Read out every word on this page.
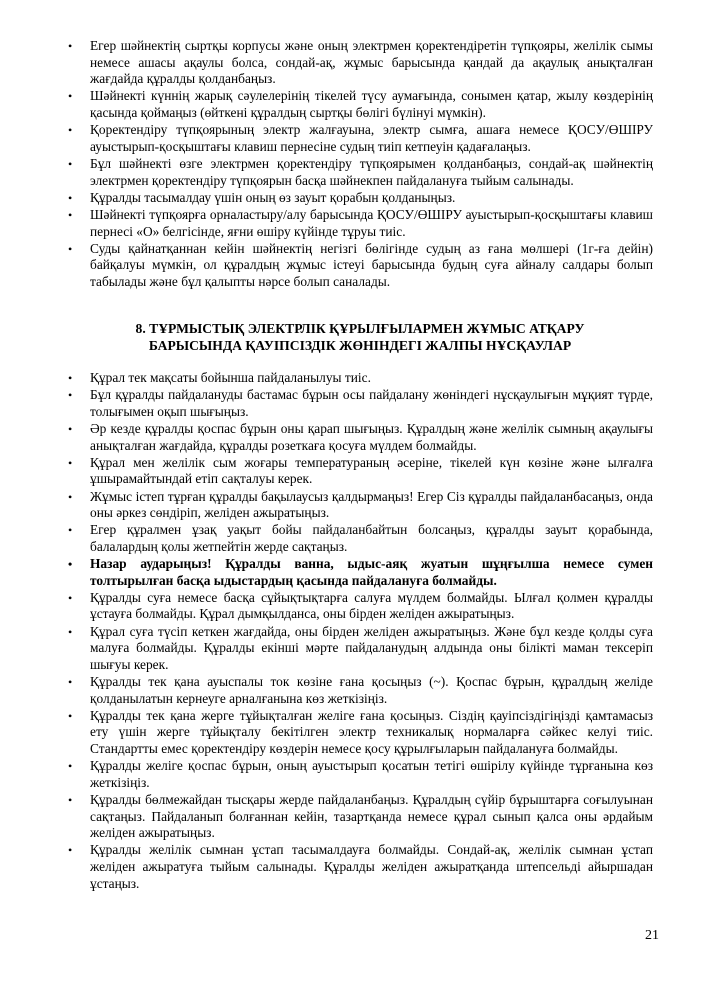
• Егер шәйнектің сыртқы корпусы және оның электрмен қоректендіретін түпқояры, желілік сымы немесе ашасы ақаулы болса, сондай-ақ, жұмыс барысында қандай да ақаулық анықталған жағдайда құралды қолданбаңыз.
• Шәйнекті күннің жарық сәулелерінің тікелей түсу аумағында, сонымен қатар, жылу көздерінің қасында қоймаңыз (өйткені құралдың сыртқы бөлігі бүлінуі мүмкін).
• Қоректендіру түпқоярының электр жалғауына, электр сымға, ашаға немесе ҚОСУ/ӨШІРУ ауыстырып-қосқыштағы клавиш пернесіне судың тиіп кетпеуін қадағалаңыз.
• Бұл шәйнекті өзге электрмен қоректендіру түпқоярымен қолданбаңыз, сондай-ақ шәйнектің электрмен қоректендіру түпқоярын басқа шәйнекпен пайдалануға тыйым салынады.
• Құралды тасымалдау үшін оның өз зауыт қорабын қолданыңыз.
• Шәйнекті түпқоярға орналастыру/алу барысында ҚОСУ/ӨШІРУ ауыстырып-қосқыштағы клавиш пернесі «О» белгісінде, яғни өшіру күйінде тұруы тиіс.
• Суды қайнатқаннан кейін шәйнектің негізгі бөлігінде судың аз ғана мөлшері (1г-ға дейін) байқалуы мүмкін, ол құралдың жұмыс істеуі барысында будың суға айналу салдары болып табылады және бұл қалыпты нәрсе болып саналады.
8. ТҰРМЫСТЫҚ ЭЛЕКТРЛІК ҚҰРЫЛҒЫЛАРМЕН ЖҰМЫС АТҚАРУ
БАРЫСЫНДА ҚАУІПСІЗДІК ЖӨНІНДЕГІ ЖАЛПЫ НҰСҚАУЛАР
• Құрал тек мақсаты бойынша пайдаланылуы тиіс.
• Бұл құралды пайдалануды бастамас бұрын осы пайдалану жөніндегі нұсқаулығын мұқият түрде, толығымен оқып шығыңыз.
• Әр кезде құралды қоспас бұрын оны қарап шығыңыз. Құралдың және желілік сымның ақаулығы анықталған жағдайда, құралды розеткаға қосуға мүлдем болмайды.
• Құрал мен желілік сым жоғары температураның әсеріне, тікелей күн көзіне және ылғалға ұшырамайтындай етіп сақталуы керек.
• Жұмыс істеп тұрған құралды бақылаусыз қалдырмаңыз! Егер Сіз құралды пайдаланбасаңыз, онда оны әркез сөндіріп, желіден ажыратыңыз.
• Егер құралмен ұзақ уақыт бойы пайдаланбайтын болсаңыз, құралды зауыт қорабында, балалардың қолы жетпейтін жерде сақтаңыз.
• Назар аударыңыз! Құралды ванна, ыдыс-аяқ жуатын шұңғылша немесе сумен толтырылған басқа ыдыстардың қасында пайдалануға болмайды.
• Құралды суға немесе басқа сұйықтықтарға салуға мүлдем болмайды. Ылғал қолмен құралды ұстауға болмайды. Құрал дымқылданса, оны бірден желіден ажыратыңыз.
• Құрал суға түсіп кеткен жағдайда, оны бірден желіден ажыратыңыз. Және бұл кезде қолды суға малуға болмайды. Құралды екінші мәрте пайдаланудың алдында оны білікті маман тексеріп шығуы керек.
• Құралды тек қана ауыспалы ток көзіне ғана қосыңыз (~). Қоспас бұрын, құралдың желіде қолданылатын кернеуге арналғанына көз жеткізіңіз.
• Құралды тек қана жерге тұйықталған желіге ғана қосыңыз. Сіздің қауіпсіздігіңізді қамтамасыз ету үшін жерге тұйықталу бекітілген электр техникалық нормаларға сәйкес келуі тиіс. Стандартты емес қоректендіру көздерін немесе қосу құрылғыларын пайдалануға болмайды.
• Құралды желіге қоспас бұрын, оның ауыстырып қосатын тетігі өшірілу күйінде тұрғанына көз жеткізіңіз.
• Құралды бөлмежайдан тысқары жерде пайдаланбаңыз. Құралдың сүйір бұрыштарға соғылуынан сақтаңыз. Пайдаланып болғаннан кейін, тазартқанда немесе құрал сынып қалса оны әрдайым желіден ажыратыңыз.
• Құралды желілік сымнан ұстап тасымалдауға болмайды. Сондай-ақ, желілік сымнан ұстап желіден ажыратуға тыйым салынады. Құралды желіден ажыратқанда штепсельді айыршадан ұстаңыз.
21
